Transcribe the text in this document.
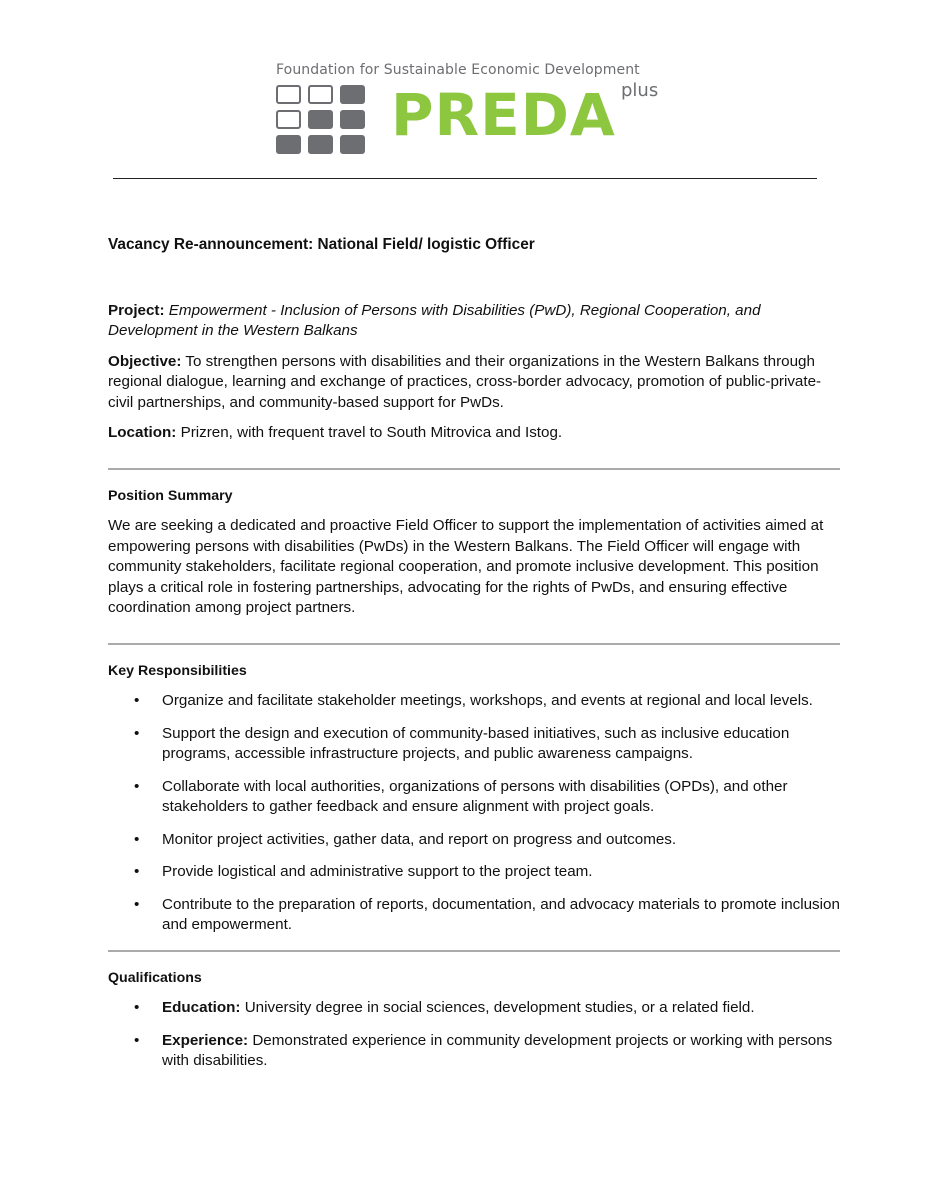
Foundation for Sustainable Economic Development
PREDA plus
Vacancy Re-announcement: National Field/ logistic Officer
Project: Empowerment - Inclusion of Persons with Disabilities (PwD), Regional Cooperation, and Development in the Western Balkans
Objective: To strengthen persons with disabilities and their organizations in the Western Balkans through regional dialogue, learning and exchange of practices, cross-border advocacy, promotion of public-private-civil partnerships, and community-based support for PwDs.
Location: Prizren, with frequent travel to South Mitrovica and Istog.
Position Summary
We are seeking a dedicated and proactive Field Officer to support the implementation of activities aimed at empowering persons with disabilities (PwDs) in the Western Balkans. The Field Officer will engage with community stakeholders, facilitate regional cooperation, and promote inclusive development. This position plays a critical role in fostering partnerships, advocating for the rights of PwDs, and ensuring effective coordination among project partners.
Key Responsibilities
• Organize and facilitate stakeholder meetings, workshops, and events at regional and local levels.
• Support the design and execution of community-based initiatives, such as inclusive education programs, accessible infrastructure projects, and public awareness campaigns.
• Collaborate with local authorities, organizations of persons with disabilities (OPDs), and other stakeholders to gather feedback and ensure alignment with project goals.
• Monitor project activities, gather data, and report on progress and outcomes.
• Provide logistical and administrative support to the project team.
• Contribute to the preparation of reports, documentation, and advocacy materials to promote inclusion and empowerment.
Qualifications
• Education: University degree in social sciences, development studies, or a related field.
• Experience: Demonstrated experience in community development projects or working with persons with disabilities.
